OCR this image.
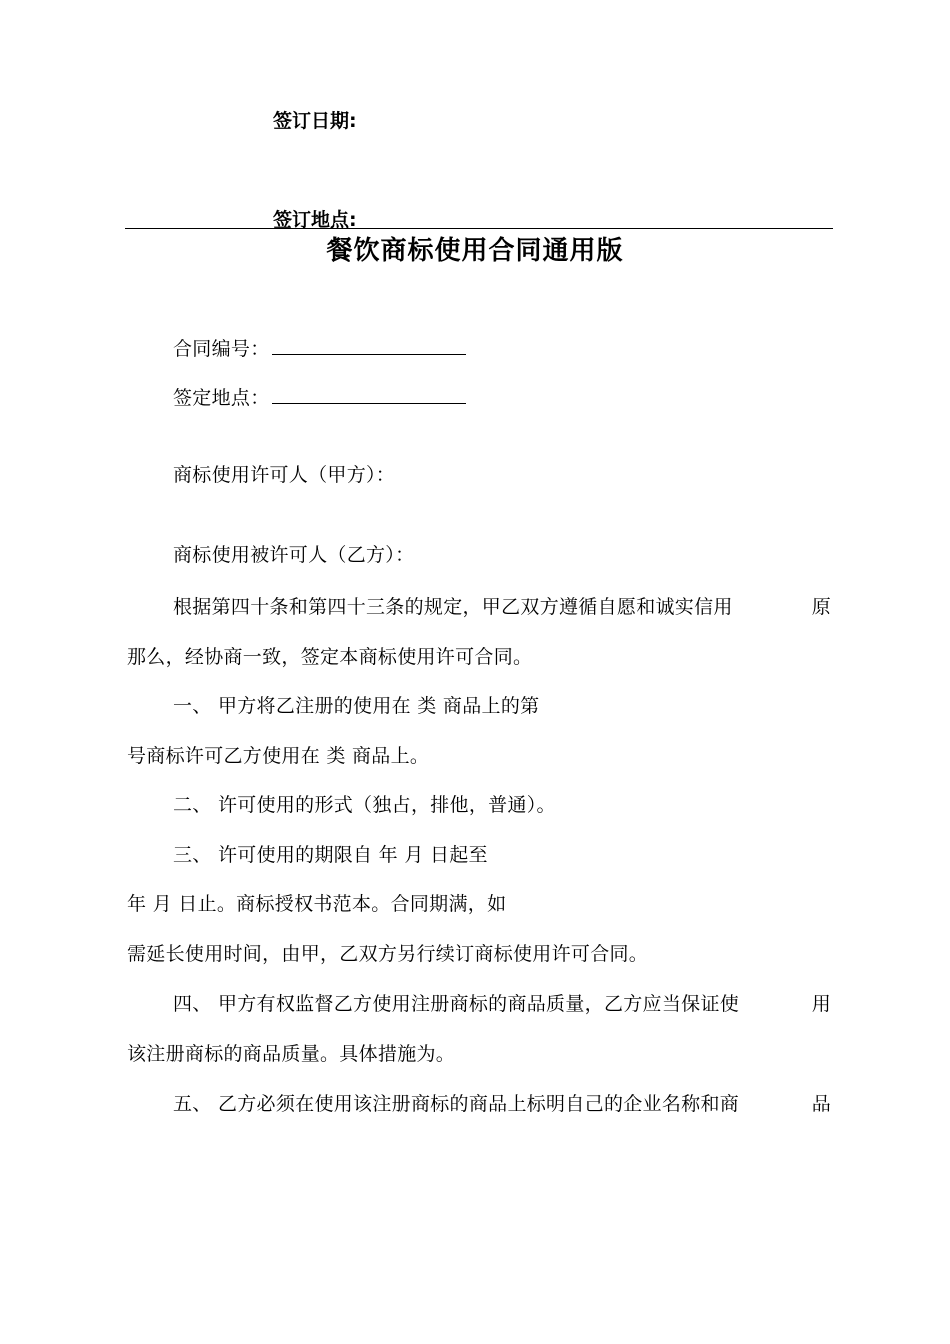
签订日期:
签订地点:
餐饮商标使用合同通用版
合同编号：
签定地点：
商标使用许可人（甲方）：
商标使用被许可人（乙方）：
根据第四十条和第四十三条的规定，甲乙双方遵循自愿和诚实信用	原
那么，经协商一致，签定本商标使用许可合同。
一、 甲方将乙注册的使用在 类 商品上的第
号商标许可乙方使用在 类 商品上。
二、 许可使用的形式（独占，排他，普通）。
三、 许可使用的期限自 年 月 日起至
年 月 日止。商标授权书范本。合同期满，如
需延长使用时间，由甲，乙双方另行续订商标使用许可合同。
四、 甲方有权监督乙方使用注册商标的商品质量，乙方应当保证使	用
该注册商标的商品质量。具体措施为。
五、 乙方必须在使用该注册商标的商品上标明自己的企业名称和商	品
